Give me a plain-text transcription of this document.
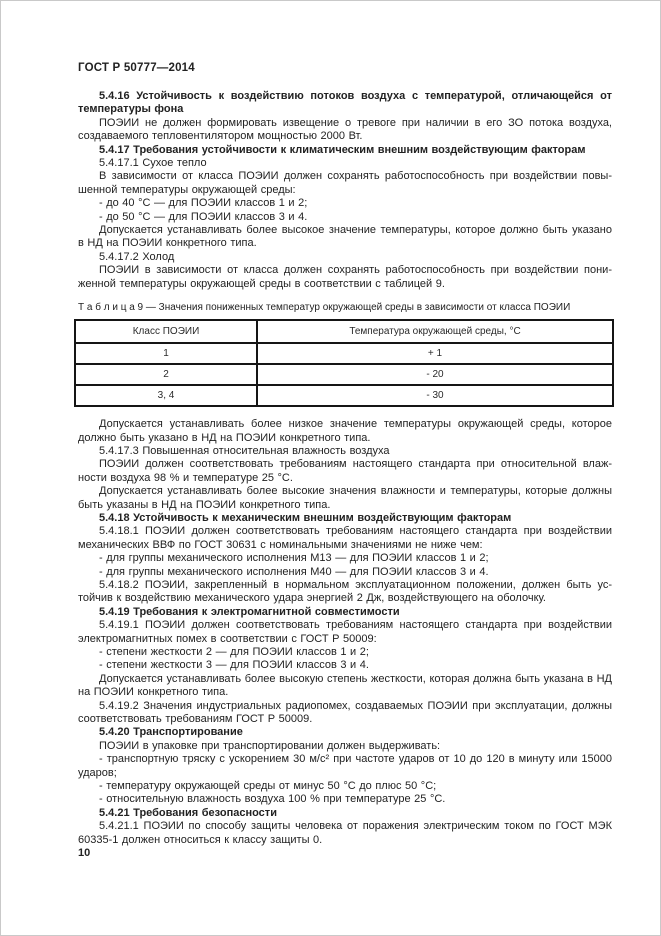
ГОСТ Р 50777—2014

5.4.16 Устойчивость к воздействию потоков воздуха с температурой, отличающейся от температуры фона

ПОЭИИ не должен формировать извещение о тревоге при наличии в его ЗО потока воздуха, создаваемого тепловентилятором мощностью 2000 Вт.

5.4.17 Требования устойчивости к климатическим внешним воздействующим факторам

5.4.17.1 Сухое тепло

В зависимости от класса ПОЭИИ должен сохранять работоспособность при воздействии повышенной температуры окружающей среды:

- до 40 °С — для ПОЭИИ классов 1 и 2;

- до 50 °С — для ПОЭИИ классов 3 и 4.

Допускается устанавливать более высокое значение температуры, которое должно быть указано в НД на ПОЭИИ конкретного типа.

5.4.17.2 Холод

ПОЭИИ в зависимости от класса должен сохранять работоспособность при воздействии пониженной температуры окружающей среды в соответствии с таблицей 9.

Т а б л и ц а 9 — Значения пониженных температур окружающей среды в зависимости от класса ПОЭИИ

Класс ПОЭИИ	Температура окружающей среды, °С
1	+ 1
2	- 20
3, 4	- 30

Допускается устанавливать более низкое значение температуры окружающей среды, которое должно быть указано в НД на ПОЭИИ конкретного типа.

5.4.17.3 Повышенная относительная влажность воздуха

ПОЭИИ должен соответствовать требованиям настоящего стандарта при относительной влажности воздуха 98 % и температуре 25 °С.

Допускается устанавливать более высокие значения влажности и температуры, которые должны быть указаны в НД на ПОЭИИ конкретного типа.

5.4.18 Устойчивость к механическим внешним воздействующим факторам

5.4.18.1 ПОЭИИ должен соответствовать требованиям настоящего стандарта при воздействии механических ВВФ по ГОСТ 30631 с номинальными значениями не ниже чем:

- для группы механического исполнения М13 — для ПОЭИИ классов 1 и 2;

- для группы механического исполнения М40 — для ПОЭИИ классов 3 и 4.

5.4.18.2 ПОЭИИ, закрепленный в нормальном эксплуатационном положении, должен быть устойчив к воздействию механического удара энергией 2 Дж, воздействующего на оболочку.

5.4.19 Требования к электромагнитной совместимости

5.4.19.1 ПОЭИИ должен соответствовать требованиям настоящего стандарта при воздействии электромагнитных помех в соответствии с ГОСТ Р 50009:

- степени жесткости 2 — для ПОЭИИ классов 1 и 2;

- степени жесткости 3 — для ПОЭИИ классов 3 и 4.

Допускается устанавливать более высокую степень жесткости, которая должна быть указана в НД на ПОЭИИ конкретного типа.

5.4.19.2 Значения индустриальных радиопомех, создаваемых ПОЭИИ при эксплуатации, должны соответствовать требованиям ГОСТ Р 50009.

5.4.20 Транспортирование

ПОЭИИ в упаковке при транспортировании должен выдерживать:

- транспортную тряску с ускорением 30 м/с² при частоте ударов от 10 до 120 в минуту или 15000 ударов;

- температуру окружающей среды от минус 50 °С до плюс 50 °С;

- относительную влажность воздуха 100 % при температуре 25 °С.

5.4.21 Требования безопасности

5.4.21.1 ПОЭИИ по способу защиты человека от поражения электрическим током по ГОСТ МЭК 60335-1 должен относиться к классу защиты 0.

10
